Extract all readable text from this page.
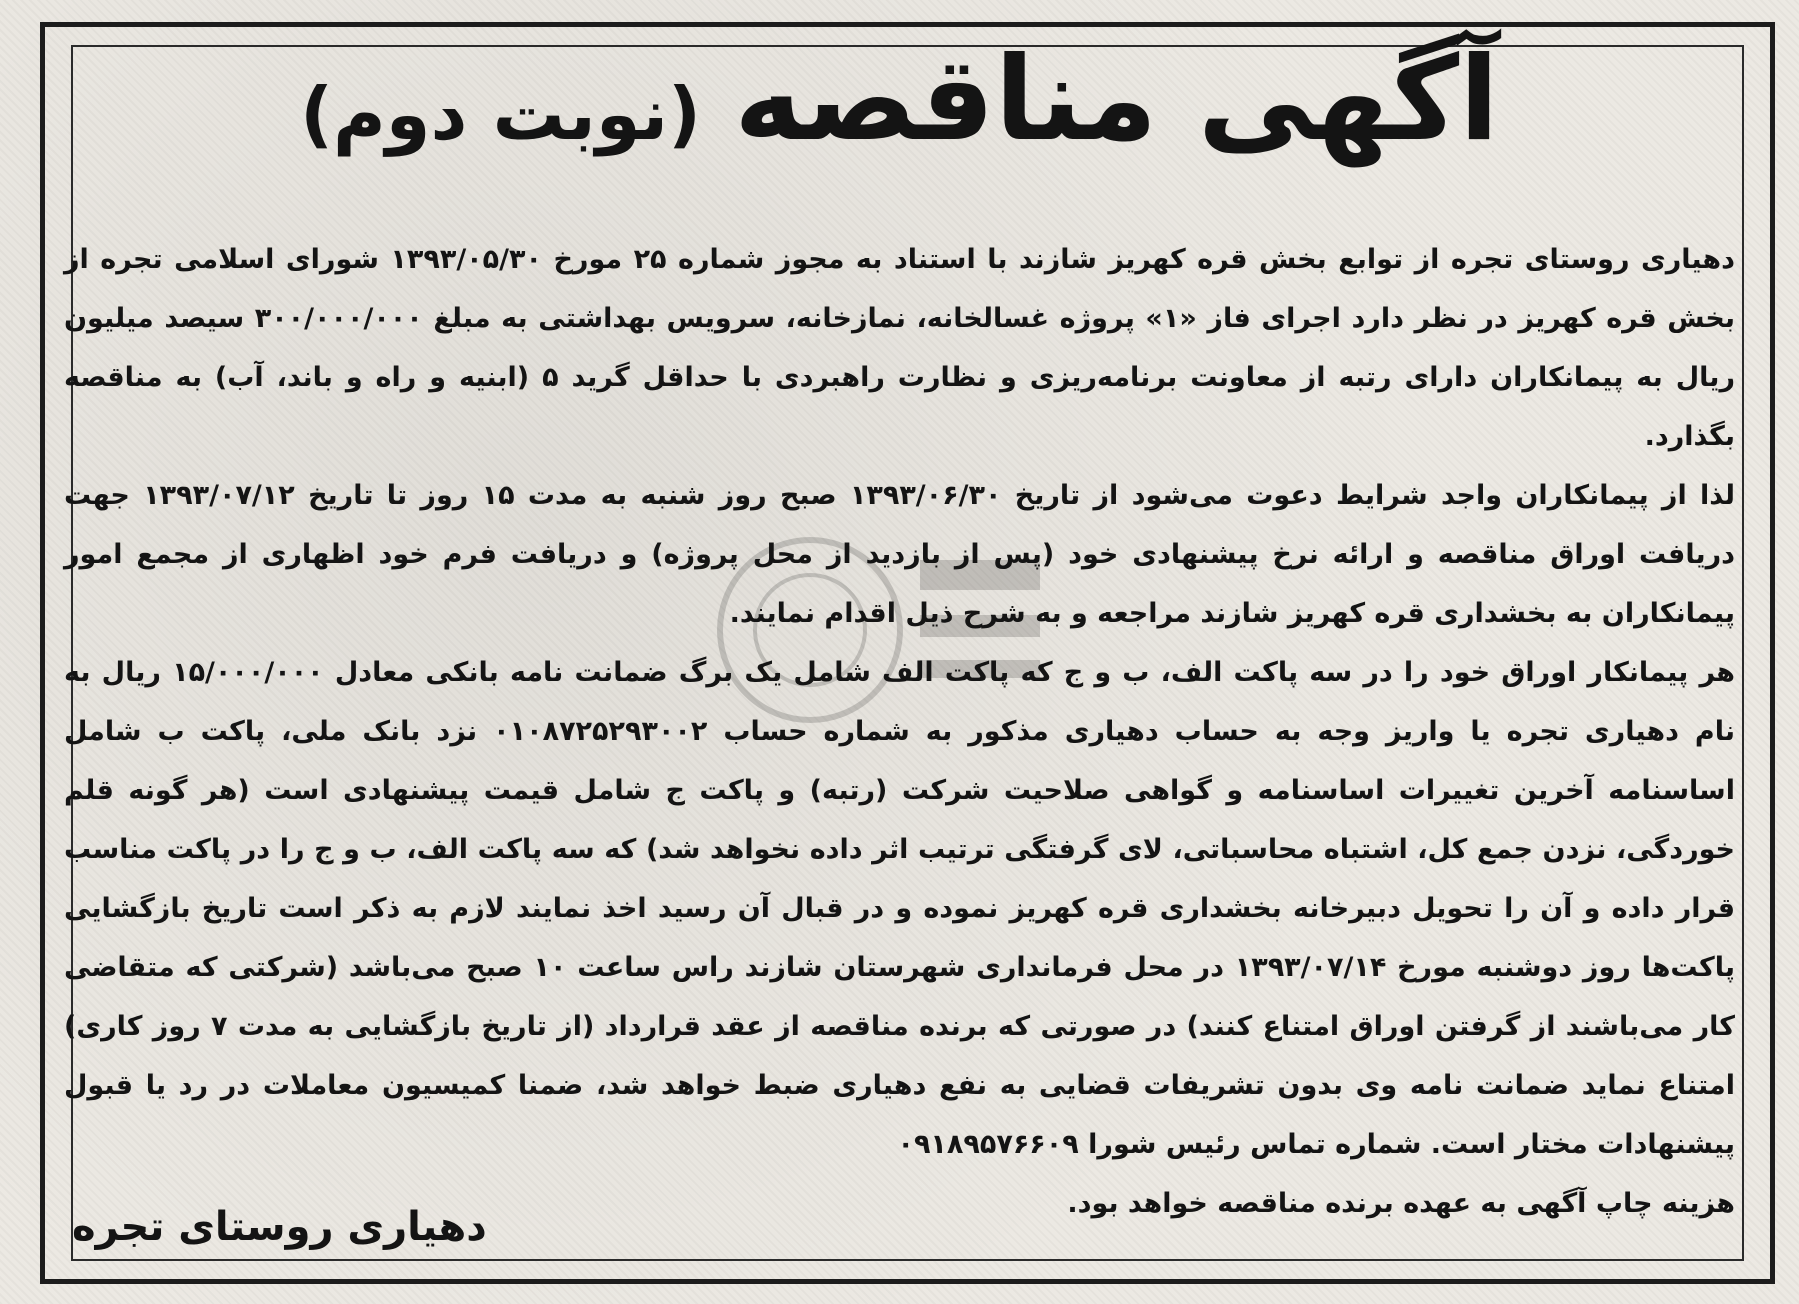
آگهی مناقصه (نوبت دوم)

دهیاری روستای تجره از توابع بخش قره کهریز شازند با استناد به مجوز شماره ۲۵ مورخ ۱۳۹۳/۰۵/۳۰ شورای اسلامی تجره از بخش قره کهریز در نظر دارد اجرای فاز «۱» پروژه غسالخانه، نمازخانه، سرویس بهداشتی به مبلغ ۳۰۰/۰۰۰/۰۰۰ سیصد میلیون ریال به پیمانکاران دارای رتبه از معاونت برنامه‌ریزی و نظارت راهبردی با حداقل گرید ۵ (ابنیه و راه و باند، آب) به مناقصه بگذارد.

لذا از پیمانکاران واجد شرایط دعوت می‌شود از تاریخ ۱۳۹۳/۰۶/۳۰ صبح روز شنبه به مدت ۱۵ روز تا تاریخ ۱۳۹۳/۰۷/۱۲ جهت دریافت اوراق مناقصه و ارائه نرخ پیشنهادی خود (پس از بازدید از محل پروژه) و دریافت فرم خود اظهاری از مجمع امور پیمانکاران به بخشداری قره کهریز شازند مراجعه و به شرح ذیل اقدام نمایند.

هر پیمانکار اوراق خود را در سه پاکت الف، ب و ج که پاکت الف شامل یک برگ ضمانت نامه بانکی معادل ۱۵/۰۰۰/۰۰۰ ریال به نام دهیاری تجره یا واریز وجه به حساب دهیاری مذکور به شماره حساب ۰۱۰۸۷۲۵۲۹۳۰۰۲ نزد بانک ملی، پاکت ب شامل اساسنامه آخرین تغییرات اساسنامه و گواهی صلاحیت شرکت (رتبه) و پاکت ج شامل قیمت پیشنهادی است (هر گونه قلم خوردگی، نزدن جمع کل، اشتباه محاسباتی، لای گرفتگی ترتیب اثر داده نخواهد شد) که سه پاکت الف، ب و ج را در پاکت مناسب قرار داده و آن را تحویل دبیرخانه بخشداری قره کهریز نموده و در قبال آن رسید اخذ نمایند لازم به ذکر است تاریخ بازگشایی پاکت‌ها روز دوشنبه مورخ ۱۳۹۳/۰۷/۱۴ در محل فرمانداری شهرستان شازند راس ساعت ۱۰ صبح می‌باشد (شرکتی که متقاضی کار می‌باشند از گرفتن اوراق امتناع کنند) در صورتی که برنده مناقصه از عقد قرارداد (از تاریخ بازگشایی به مدت ۷ روز کاری) امتناع نماید ضمانت نامه وی بدون تشریفات قضایی به نفع دهیاری ضبط خواهد شد، ضمنا کمیسیون معاملات در رد یا قبول پیشنهادات مختار است. شماره تماس رئیس شورا ۰۹۱۸۹۵۷۶۶۰۹

هزینه چاپ آگهی به عهده برنده مناقصه خواهد بود.

دهیاری روستای تجره
